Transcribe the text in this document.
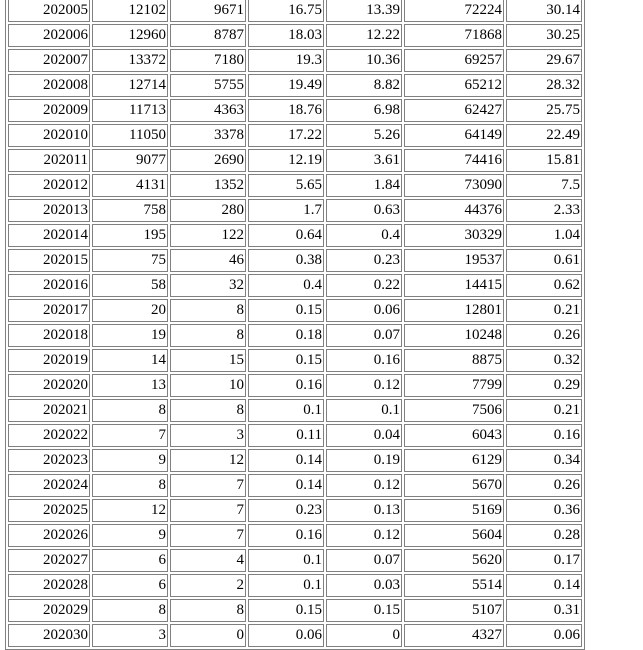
202005	12102	9671	16.75	13.39	72224	30.14
202006	12960	8787	18.03	12.22	71868	30.25
202007	13372	7180	19.3	10.36	69257	29.67
202008	12714	5755	19.49	8.82	65212	28.32
202009	11713	4363	18.76	6.98	62427	25.75
202010	11050	3378	17.22	5.26	64149	22.49
202011	9077	2690	12.19	3.61	74416	15.81
202012	4131	1352	5.65	1.84	73090	7.5
202013	758	280	1.7	0.63	44376	2.33
202014	195	122	0.64	0.4	30329	1.04
202015	75	46	0.38	0.23	19537	0.61
202016	58	32	0.4	0.22	14415	0.62
202017	20	8	0.15	0.06	12801	0.21
202018	19	8	0.18	0.07	10248	0.26
202019	14	15	0.15	0.16	8875	0.32
202020	13	10	0.16	0.12	7799	0.29
202021	8	8	0.1	0.1	7506	0.21
202022	7	3	0.11	0.04	6043	0.16
202023	9	12	0.14	0.19	6129	0.34
202024	8	7	0.14	0.12	5670	0.26
202025	12	7	0.23	0.13	5169	0.36
202026	9	7	0.16	0.12	5604	0.28
202027	6	4	0.1	0.07	5620	0.17
202028	6	2	0.1	0.03	5514	0.14
202029	8	8	0.15	0.15	5107	0.31
202030	3	0	0.06	0	4327	0.06
